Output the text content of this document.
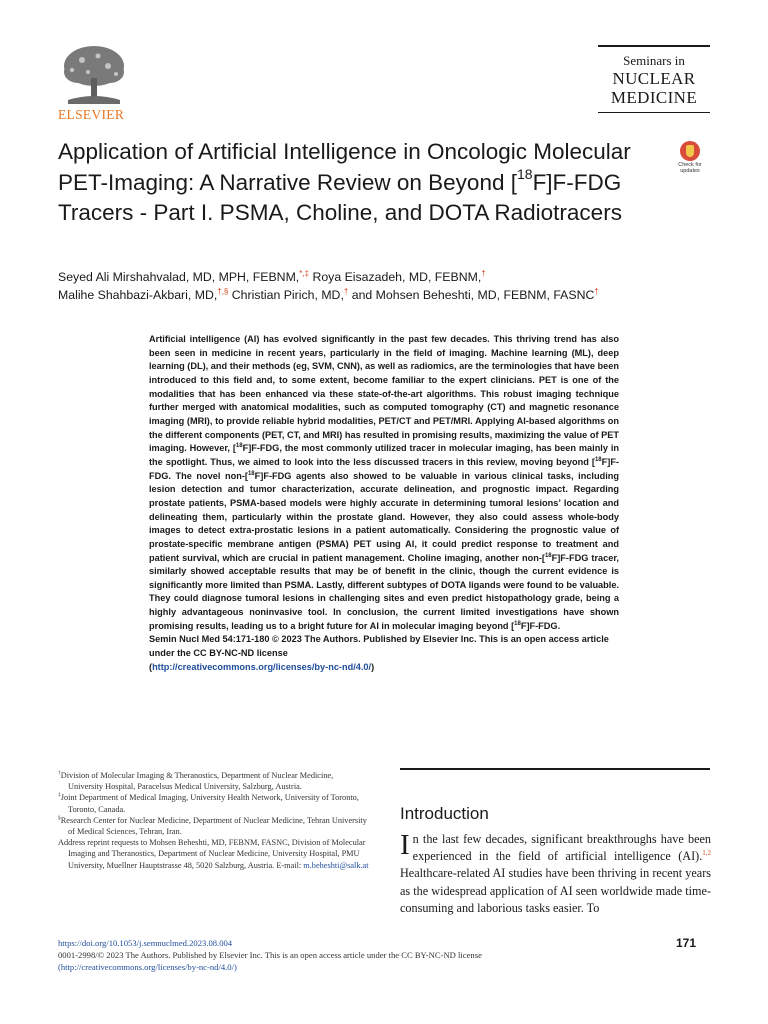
ELSEVIER
Seminars in
NUCLEAR
MEDICINE
Check for
updates
Application of Artificial Intelligence in Oncologic Molecular PET-Imaging: A Narrative Review on Beyond [$^{18}$F]F-FDG Tracers - Part I. PSMA, Choline, and DOTA Radiotracers
Seyed Ali Mirshahvalad, MD, MPH, FEBNM,*,‡ Roya Eisazadeh, MD, FEBNM,†
Malihe Shahbazi-Akbari, MD,†,§ Christian Pirich, MD,† and Mohsen Beheshti, MD, FEBNM, FASNC†
Artificial intelligence (AI) has evolved significantly in the past few decades. This thriving trend has also been seen in medicine in recent years, particularly in the field of imaging. Machine learning (ML), deep learning (DL), and their methods (eg, SVM, CNN), as well as radiomics, are the terminologies that have been introduced to this field and, to some extent, become familiar to the expert clinicians. PET is one of the modalities that has been enhanced via these state-of-the-art algorithms. This robust imaging technique further merged with anatomical modalities, such as computed tomography (CT) and magnetic resonance imaging (MRI), to provide reliable hybrid modalities, PET/CT and PET/MRI. Applying AI-based algorithms on the different components (PET, CT, and MRI) has resulted in promising results, maximizing the value of PET imaging. However, [$^{18}$F]F-FDG, the most commonly utilized tracer in molecular imaging, has been mainly in the spotlight. Thus, we aimed to look into the less discussed tracers in this review, moving beyond [$^{18}$F]F-FDG. The novel non-[$^{18}$F]F-FDG agents also showed to be valuable in various clinical tasks, including lesion detection and tumor characterization, accurate delineation, and prognostic impact. Regarding prostate patients, PSMA-based models were highly accurate in determining tumoral lesions’ location and delineating them, particularly within the prostate gland. However, they also could assess whole-body images to detect extra-prostatic lesions in a patient automatically. Considering the prognostic value of prostate-specific membrane antigen (PSMA) PET using AI, it could predict response to treatment and patient survival, which are crucial in patient management. Choline imaging, another non-[$^{18}$F]F-FDG tracer, similarly showed acceptable results that may be of benefit in the clinic, though the current evidence is significantly more limited than PSMA. Lastly, different subtypes of DOTA ligands were found to be valuable. They could diagnose tumoral lesions in challenging sites and even predict histopathology grade, being a highly advantageous noninvasive tool. In conclusion, the current limited investigations have shown promising results, leading us to a bright future for AI in molecular imaging beyond [$^{18}$F]F-FDG.
Semin Nucl Med 54:171-180 © 2023 The Authors. Published by Elsevier Inc. This is an open access article under the CC BY-NC-ND license
(http://creativecommons.org/licenses/by-nc-nd/4.0/)
†Division of Molecular Imaging & Theranostics, Department of Nuclear Medicine, University Hospital, Paracelsus Medical University, Salzburg, Austria.
‡Joint Department of Medical Imaging, University Health Network, University of Toronto, Toronto, Canada.
§Research Center for Nuclear Medicine, Department of Nuclear Medicine, Tehran University of Medical Sciences, Tehran, Iran.
Address reprint requests to Mohsen Beheshti, MD, FEBNM, FASNC, Division of Molecular Imaging and Theranostics, Department of Nuclear Medicine, University Hospital, PMU University, Muellner Hauptstrasse 48, 5020 Salzburg, Austria. E-mail: m.beheshti@salk.at
Introduction
In the last few decades, significant breakthroughs have been experienced in the field of artificial intelligence (AI).$^{1,2}$ Healthcare-related AI studies have been thriving in recent years as the widespread application of AI seen worldwide made time-consuming and laborious tasks easier. To
https://doi.org/10.1053/j.semnuclmed.2023.08.004
0001-2998/© 2023 The Authors. Published by Elsevier Inc. This is an open access article under the CC BY-NC-ND license
(http://creativecommons.org/licenses/by-nc-nd/4.0/)
171
